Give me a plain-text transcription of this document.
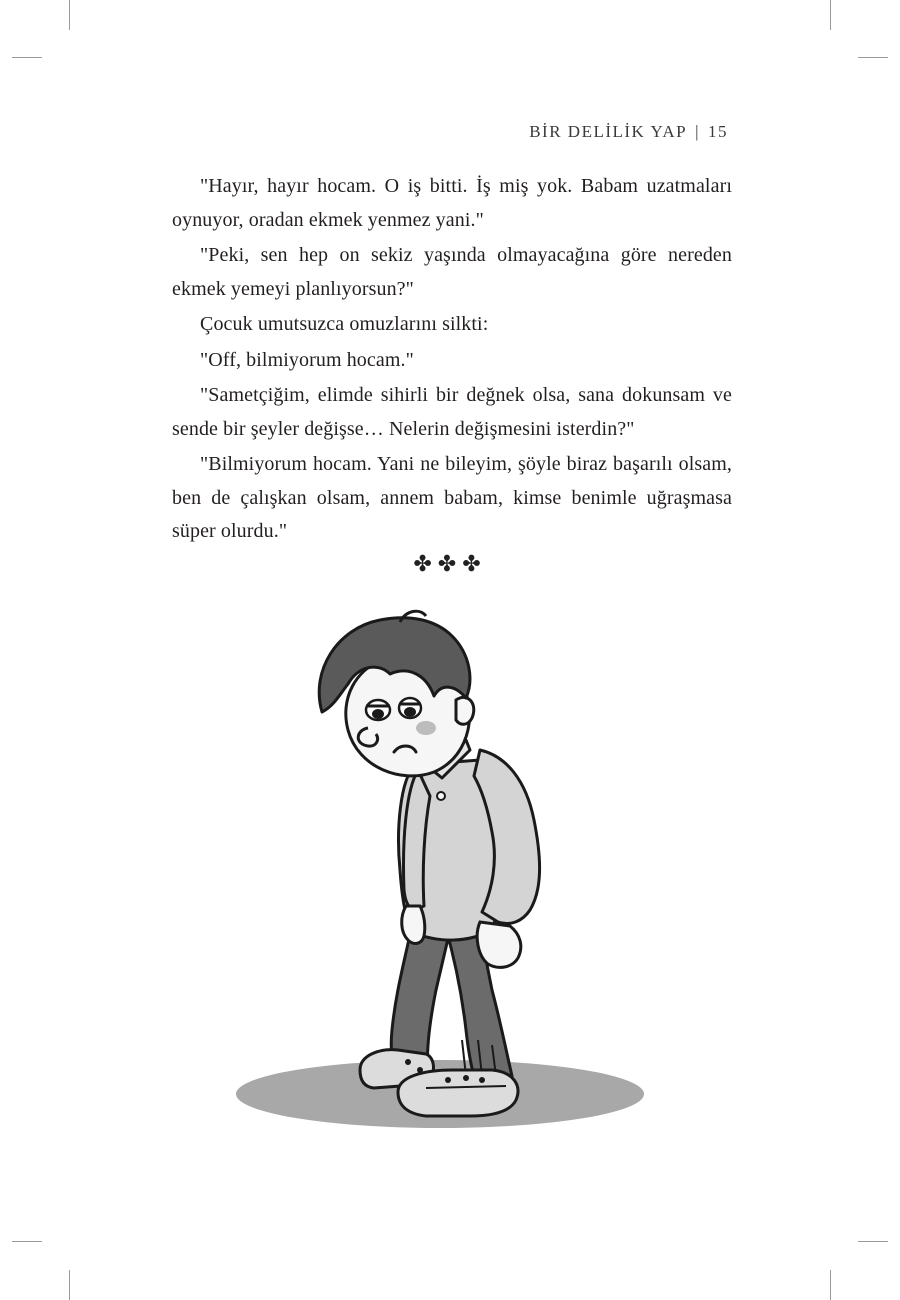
BİR DELİLİK YAP | 15

"Hayır, hayır hocam. O iş bitti. İş miş yok. Babam uzatmaları oynuyor, oradan ekmek yenmez yani."

"Peki, sen hep on sekiz yaşında olmayacağına göre nereden ekmek yemeyi planlıyorsun?"

Çocuk umutsuzca omuzlarını silkti:

"Off, bilmiyorum hocam."

"Sametçiğim, elimde sihirli bir değnek olsa, sana dokunsam ve sende bir şeyler değişse… Nelerin değişmesini isterdin?"

"Bilmiyorum hocam. Yani ne bileyim, şöyle biraz başarılı olsam, ben de çalışkan olsam, annem babam, kimse benimle uğraşmasa süper olurdu."

✤✤✤
